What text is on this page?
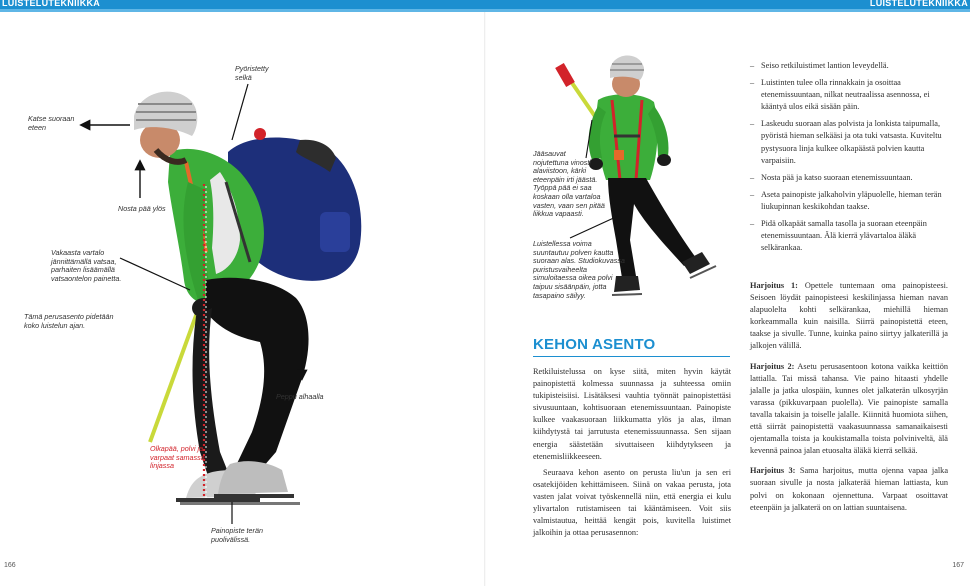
LUISTELUTEKNIIKKA	LUISTELUTEKNIIKKA
Katse suoraan
eteen
Pyöristetty
selkä
Nosta pää ylös
Vakaasta vartalo
jännittämällä vatsaa,
parhaiten lisäämällä
vatsaontelon painetta.
Tämä perusasento pidetään
koko luistelun ajan.
Peppu alhaalla
Olkapää, polvi ja
varpaat samassa
linjassa
Painopiste terän
puolivälissä.
Jääsauvat
nojutettuna vinosti
alaviistoon, kärki
eteenpäin irti jäästä.
Työppä pää ei saa
koskaan olla vartaloa
vasten, vaan sen pitää
liikkua vapaasti.
Luistellessa voima
suuntautuu polven kautta
suoraan alas. Studiokuvassa
puristusvaiheelta
simuloitaessa oikea polvi
taipuu sisäänpäin, jotta
tasapaino säilyy.
KEHON ASENTO

Retkiluistelussa on kyse siitä, miten hyvin käytät painopistettä kolmessa suunnassa ja suhteessa omiin tukipisteisiisi. Lisätäksesi vauhtia työnnät painopistettäsi sivusuuntaan, kohtisuoraan etenemissuuntaan. Painopiste kulkee vaakasuoraan liikkumatta ylös ja alas, ilman kiihdytystä tai jarrutusta etenemissuunnassa. Sen sijaan energia säästetään sivuttaiseen kiihdytykseen ja etenemisliikkeeseen.

Seuraava kehon asento on perusta liu'un ja sen eri osatekijöiden kehittämiseen. Siinä on vakaa perusta, jota vasten jalat voivat työskennellä niin, että energia ei kulu ylivartalon rutistamiseen tai kääntämiseen. Voit siis valmistautua, heittää kengät pois, kuvitella luistimet jalkoihin ja ottaa perusasennon:

– Seiso retkiluistimet lantion leveydellä.
– Luistinten tulee olla rinnakkain ja osoittaa etenemissuuntaan, nilkat neutraalissa asennossa, ei kääntyä ulos eikä sisään päin.
– Laskeudu suoraan alas polvista ja lonkista taipumalla, pyöristä hieman selkääsi ja ota tuki vatsasta. Kuviteltu pystysuora linja kulkee olkapäästä polvien kautta varpaisiin.
– Nosta pää ja katso suoraan etenemissuuntaan.
– Aseta painopiste jalkaholvin yläpuolelle, hieman terän liukupinnan keskikohdan taakse.
– Pidä olkapäät samalla tasolla ja suoraan eteenpäin etenemissuuntaan. Älä kierrä ylävartaloa äläkä selkärankaa.

Harjoitus 1: Opettele tuntemaan oma painopisteesi. Seisoen löydät painopisteesi keskilinjassa hieman navan alapuolelta kohti selkärankaa, miehillä hieman korkeammalla kuin naisilla. Siirrä painopistettä eteen, taakse ja sivulle. Tunne, kuinka paino siirtyy jalkaterillä ja jalkojen välillä.

Harjoitus 2: Asetu perusasentoon kotona vaikka keittiön lattialla. Tai missä tahansa. Vie paino hitaasti yhdelle jalalle ja jatka ulospäin, kunnes olet jalkaterän ulkosyrjän varassa (pikkuvarpaan puolella). Vie painopiste samalla tavalla takaisin ja toiselle jalalle. Kiinnitä huomiota siihen, että siirrät painopistettä vaakasuunnassa samanaikaisesti ojentamalla toista ja koukistamalla toista polviniveltä, älä kevennä painoa jalan etuosalta äläkä kierrä selkää.

Harjoitus 3: Sama harjoitus, mutta ojenna vapaa jalka suoraan sivulle ja nosta jalkaterää hieman lattiasta, kun polvi on kokonaan ojennettuna. Varpaat osoittavat eteenpäin ja jalkaterä on on lattian suuntaisena.

166	167
